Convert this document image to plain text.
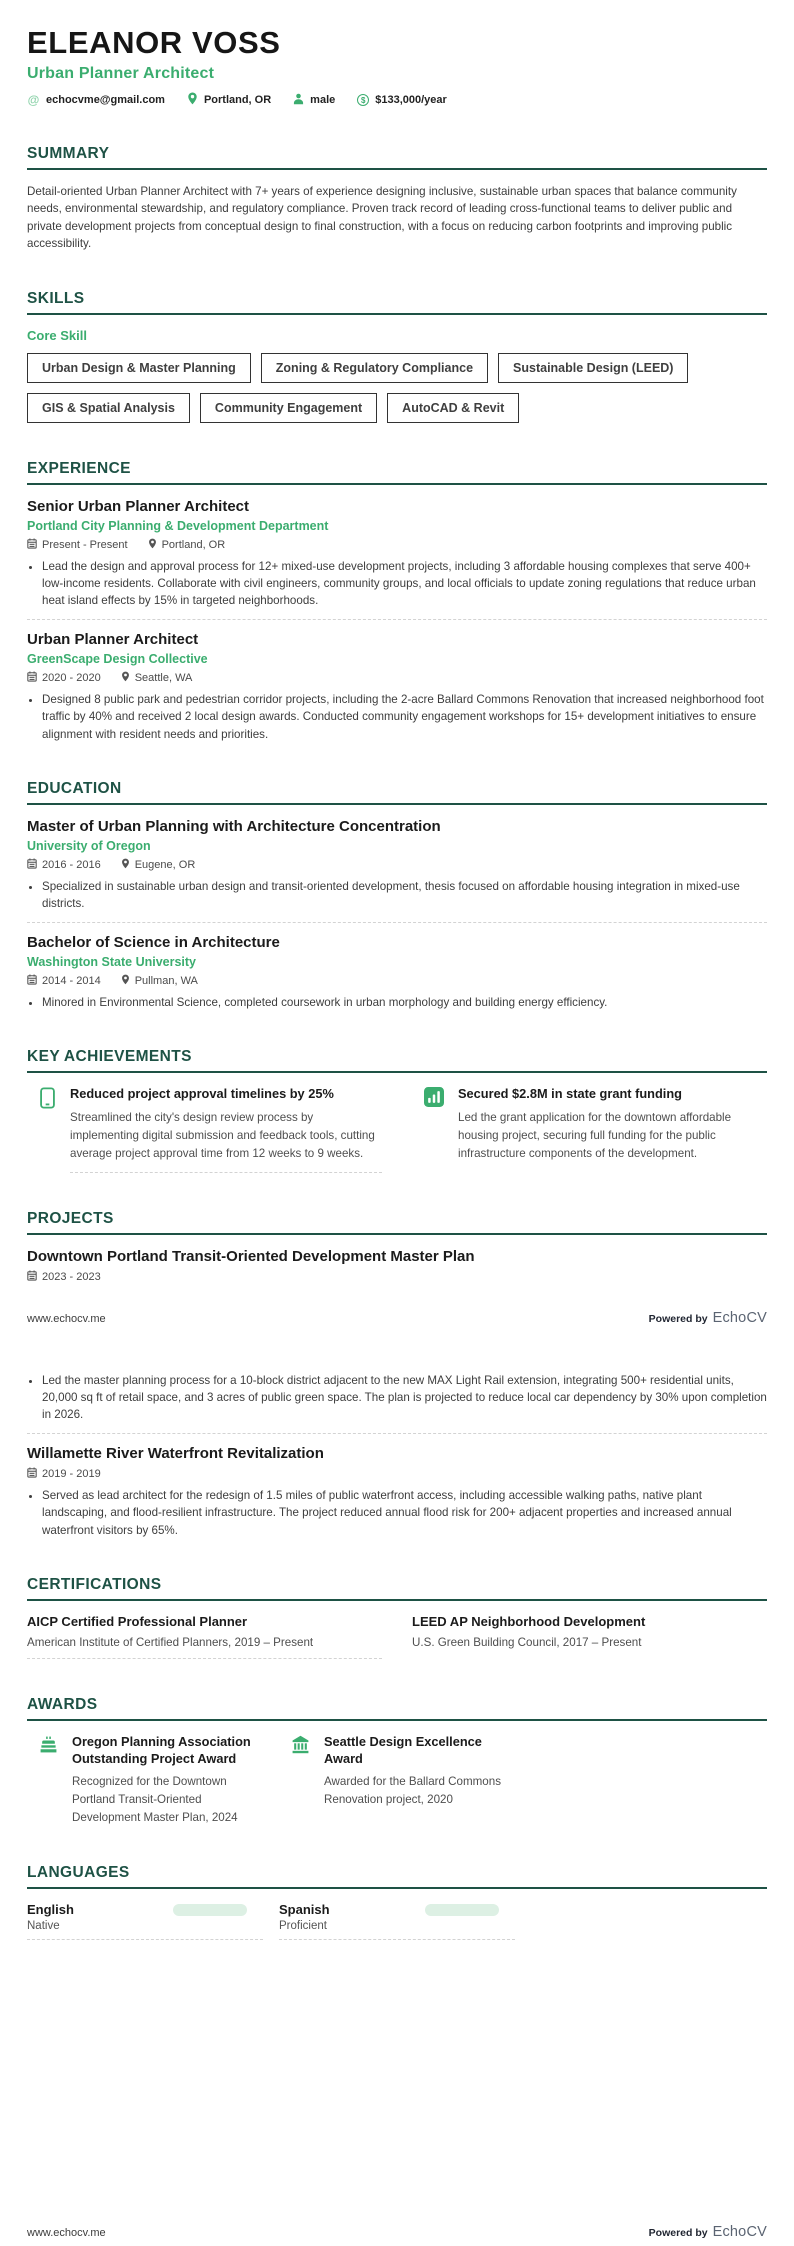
ELEANOR VOSS
Urban Planner Architect
@ echocvme@gmail.com	Portland, OR	male	$ $133,000/year
SUMMARY

Detail-oriented Urban Planner Architect with 7+ years of experience designing inclusive, sustainable urban spaces that balance community needs, environmental stewardship, and regulatory compliance. Proven track record of leading cross-functional teams to deliver public and private development projects from conceptual design to final construction, with a focus on reducing carbon footprints and improving public accessibility.

SKILLS
Core Skill
Urban Design & Master Planning	Zoning & Regulatory Compliance	Sustainable Design (LEED)
GIS & Spatial Analysis	Community Engagement	AutoCAD & Revit
EXPERIENCE
Senior Urban Planner Architect
Portland City Planning & Development Department
Present - Present	Portland, OR
• Lead the design and approval process for 12+ mixed-use development projects, including 3 affordable housing complexes that serve 400+ low-income residents. Collaborate with civil engineers, community groups, and local officials to update zoning regulations that reduce urban heat island effects by 15% in targeted neighborhoods.
Urban Planner Architect
GreenScape Design Collective
2020 - 2020	Seattle, WA
• Designed 8 public park and pedestrian corridor projects, including the 2-acre Ballard Commons Renovation that increased neighborhood foot traffic by 40% and received 2 local design awards. Conducted community engagement workshops for 15+ development initiatives to ensure alignment with resident needs and priorities.
EDUCATION
Master of Urban Planning with Architecture Concentration
University of Oregon
2016 - 2016	Eugene, OR
• Specialized in sustainable urban design and transit-oriented development, thesis focused on affordable housing integration in mixed-use districts.
Bachelor of Science in Architecture
Washington State University
2014 - 2014	Pullman, WA
• Minored in Environmental Science, completed coursework in urban morphology and building energy efficiency.
KEY ACHIEVEMENTS
Reduced project approval timelines by 25%
Streamlined the city's design review process by implementing digital submission and feedback tools, cutting average project approval time from 12 weeks to 9 weeks.
Secured $2.8M in state grant funding
Led the grant application for the downtown affordable housing project, securing full funding for the public infrastructure components of the development.
PROJECTS
Downtown Portland Transit-Oriented Development Master Plan
2023 - 2023
www.echocv.me	Powered by EchoCV
• Led the master planning process for a 10-block district adjacent to the new MAX Light Rail extension, integrating 500+ residential units, 20,000 sq ft of retail space, and 3 acres of public green space. The plan is projected to reduce local car dependency by 30% upon completion in 2026.
Willamette River Waterfront Revitalization
2019 - 2019
• Served as lead architect for the redesign of 1.5 miles of public waterfront access, including accessible walking paths, native plant landscaping, and flood-resilient infrastructure. The project reduced annual flood risk for 200+ adjacent properties and increased annual waterfront visitors by 65%.
CERTIFICATIONS
AICP Certified Professional Planner
American Institute of Certified Planners, 2019 – Present
LEED AP Neighborhood Development
U.S. Green Building Council, 2017 – Present
AWARDS
Oregon Planning Association Outstanding Project Award
Recognized for the Downtown Portland Transit-Oriented Development Master Plan, 2024
Seattle Design Excellence Award
Awarded for the Ballard Commons Renovation project, 2020
LANGUAGES
English
Native
Spanish
Proficient
www.echocv.me	Powered by EchoCV
